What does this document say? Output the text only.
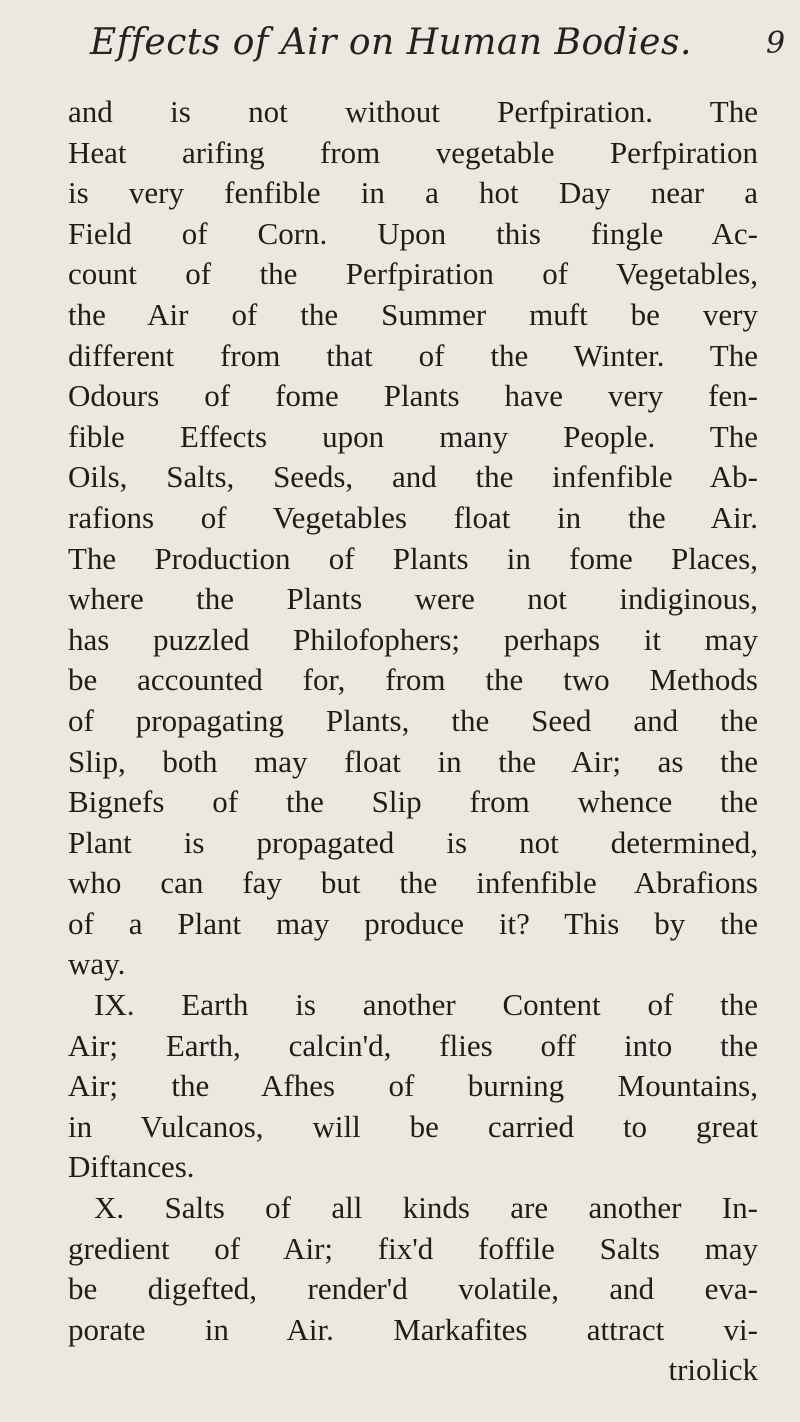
Effects of Air on Human Bodies.	9
and is not without Perfpiration. The
Heat arifing from vegetable Perfpiration
is very fenfible in a hot Day near a
Field of Corn. Upon this fingle Ac-
count of the Perfpiration of Vegetables,
the Air of the Summer muft be very
different from that of the Winter. The
Odours of fome Plants have very fen-
fible Effects upon many People. The
Oils, Salts, Seeds, and the infenfible Ab-
rafions of Vegetables float in the Air.
The Production of Plants in fome Places,
where the Plants were not indiginous,
has puzzled Philofophers; perhaps it may
be accounted for, from the two Methods
of propagating Plants, the Seed and the
Slip, both may float in the Air; as the
Bignefs of the Slip from whence the
Plant is propagated is not determined,
who can fay but the infenfible Abrafions
of a Plant may produce it? This by the
way.
IX. Earth is another Content of the
Air; Earth, calcin'd, flies off into the
Air; the Afhes of burning Mountains,
in Vulcanos, will be carried to great
Diftances.
X. Salts of all kinds are another In-
gredient of Air; fix'd foffile Salts may
be digefted, render'd volatile, and eva-
porate in Air. Markafites attract vi-
triolick
